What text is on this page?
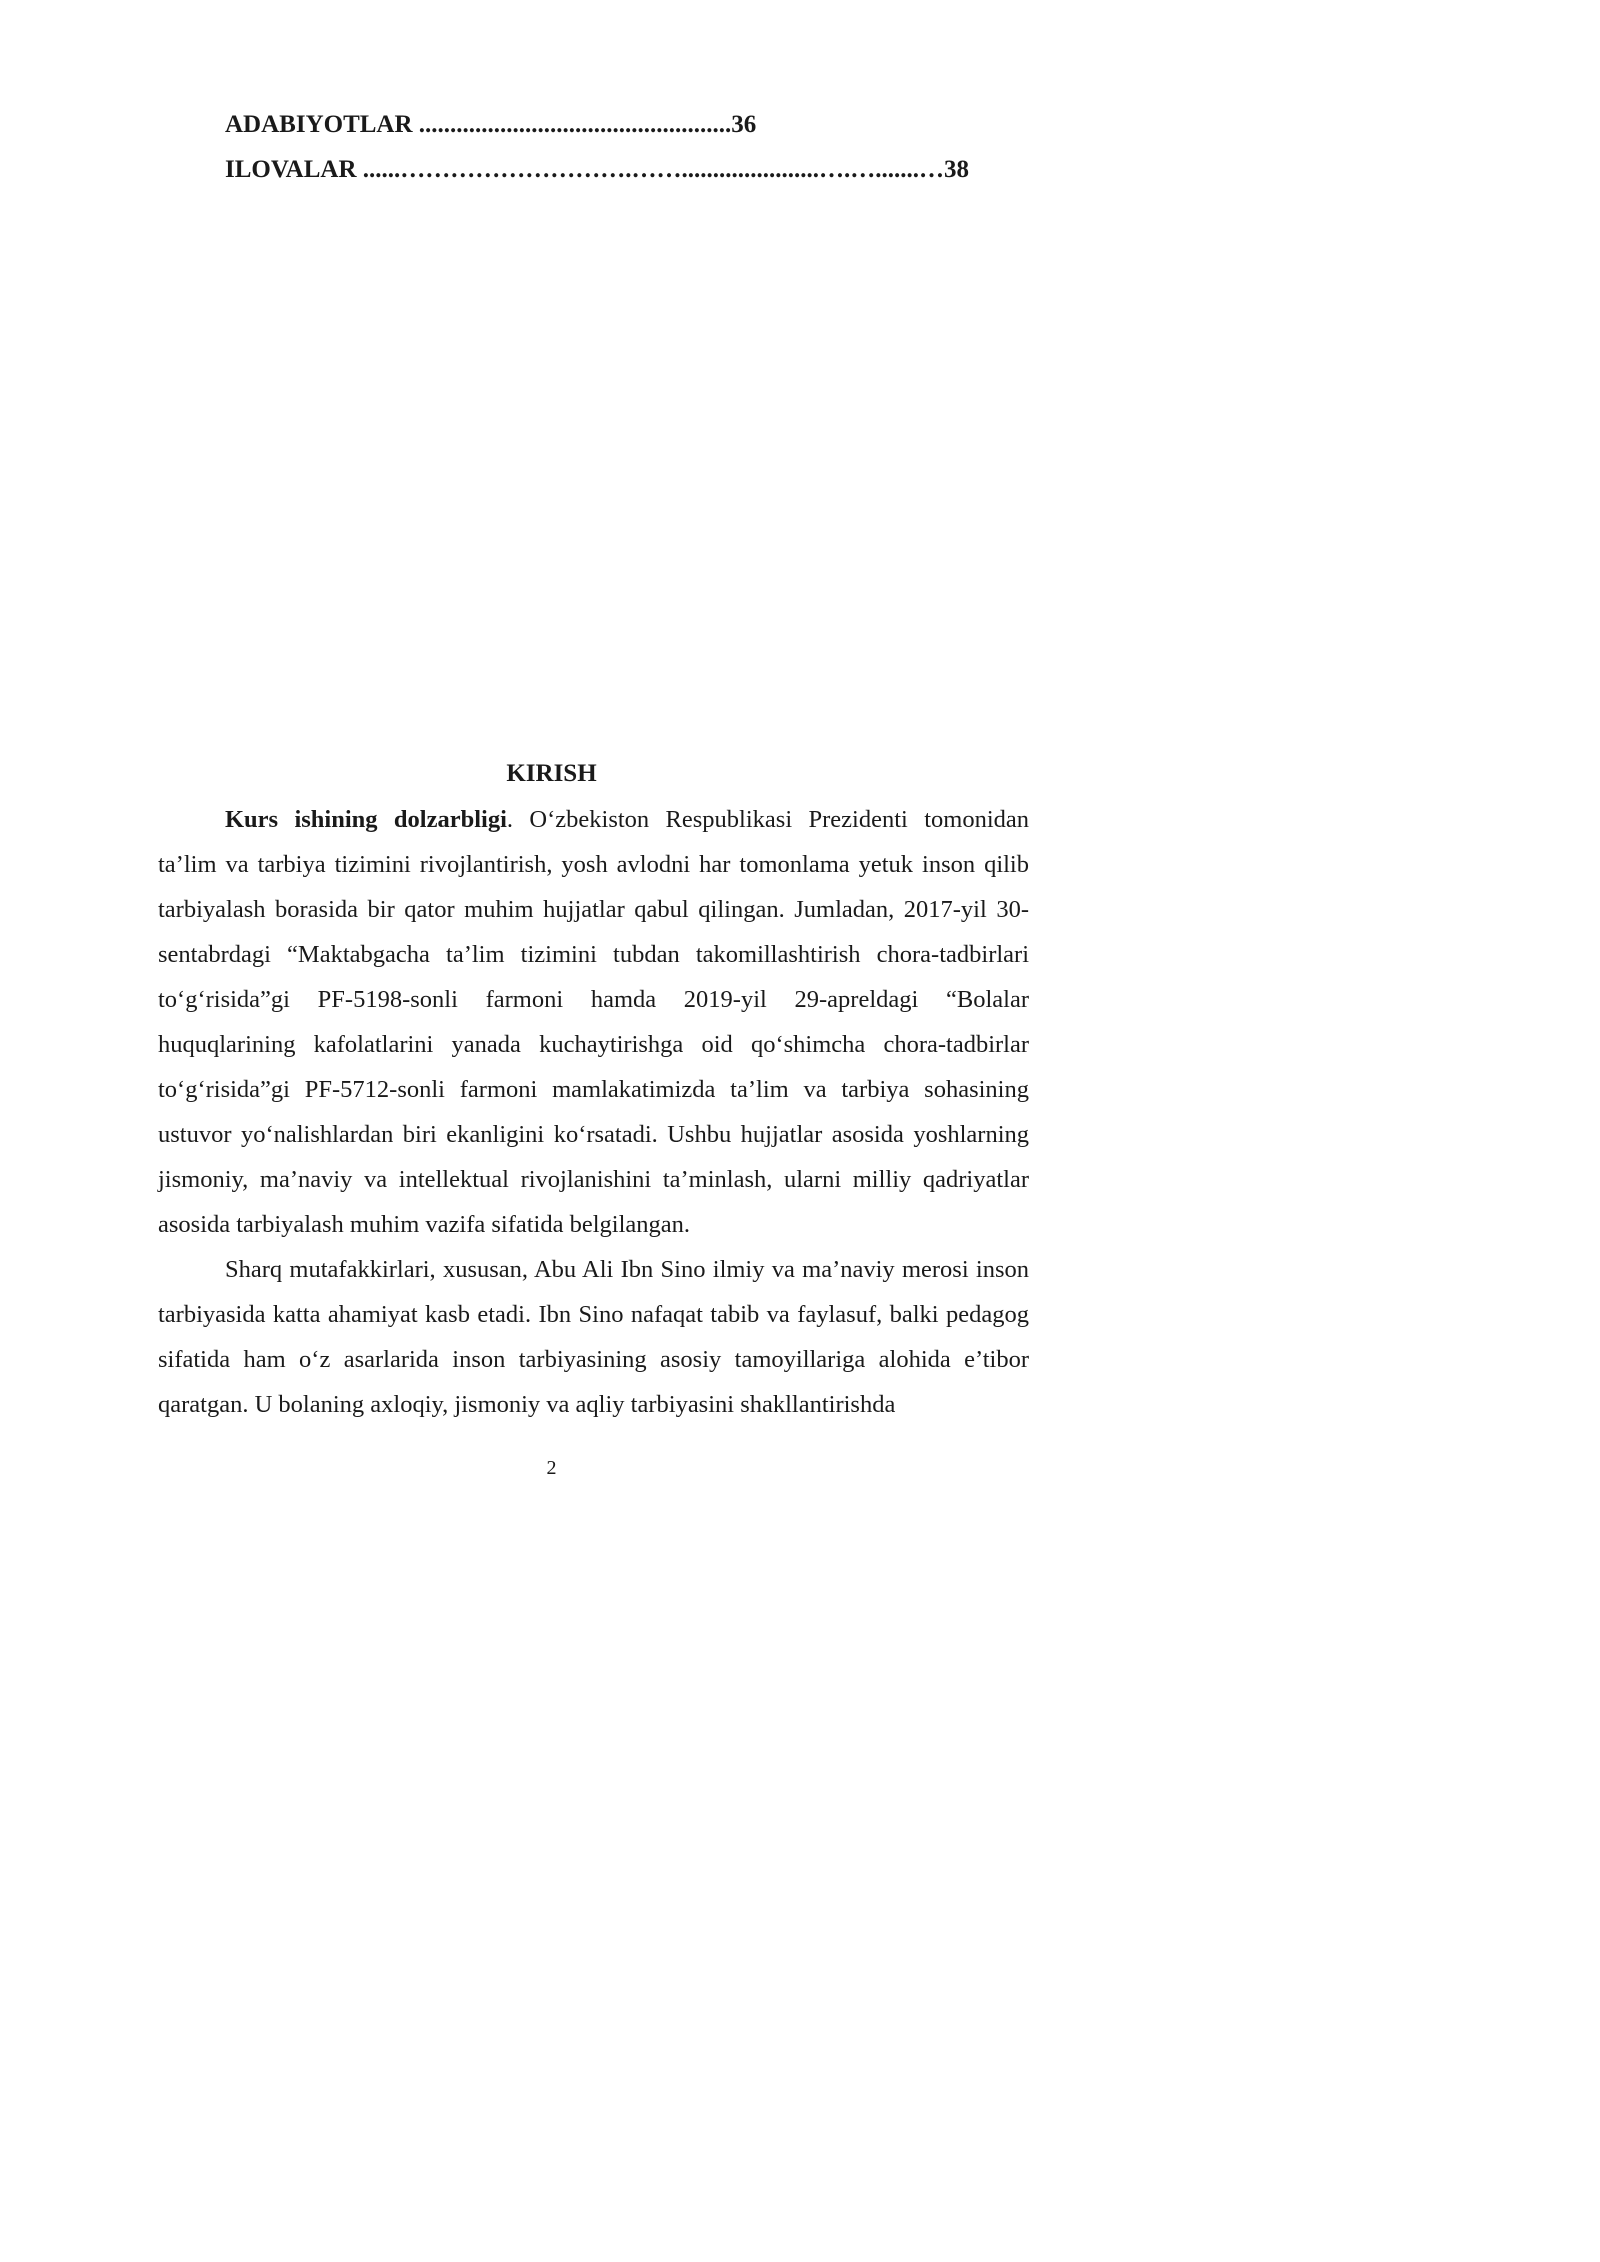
ADABIYOTLAR ..................................................36
ILOVALAR ......……………………….……......................….….......…38
KIRISH

Kurs ishining dolzarbligi. O‘zbekiston Respublikasi Prezidenti tomonidan ta’lim va tarbiya tizimini rivojlantirish, yosh avlodni har tomonlama yetuk inson qilib tarbiyalash borasida bir qator muhim hujjatlar qabul qilingan. Jumladan, 2017-yil 30-sentabrdagi “Maktabgacha ta’lim tizimini tubdan takomillashtirish chora-tadbirlari to‘g‘risida”gi PF-5198-sonli farmoni hamda 2019-yil 29-apreldagi “Bolalar huquqlarining kafolatlarini yanada kuchaytirishga oid qo‘shimcha chora-tadbirlar to‘g‘risida”gi PF-5712-sonli farmoni mamlakatimizda ta’lim va tarbiya sohasining ustuvor yo‘nalishlardan biri ekanligini ko‘rsatadi. Ushbu hujjatlar asosida yoshlarning jismoniy, ma’naviy va intellektual rivojlanishini ta’minlash, ularni milliy qadriyatlar asosida tarbiyalash muhim vazifa sifatida belgilangan.

Sharq mutafakkirlari, xususan, Abu Ali Ibn Sino ilmiy va ma’naviy merosi inson tarbiyasida katta ahamiyat kasb etadi. Ibn Sino nafaqat tabib va faylasuf, balki pedagog sifatida ham o‘z asarlarida inson tarbiyasining asosiy tamoyillariga alohida e’tibor qaratgan. U bolaning axloqiy, jismoniy va aqliy tarbiyasini shakllantirishda

2
